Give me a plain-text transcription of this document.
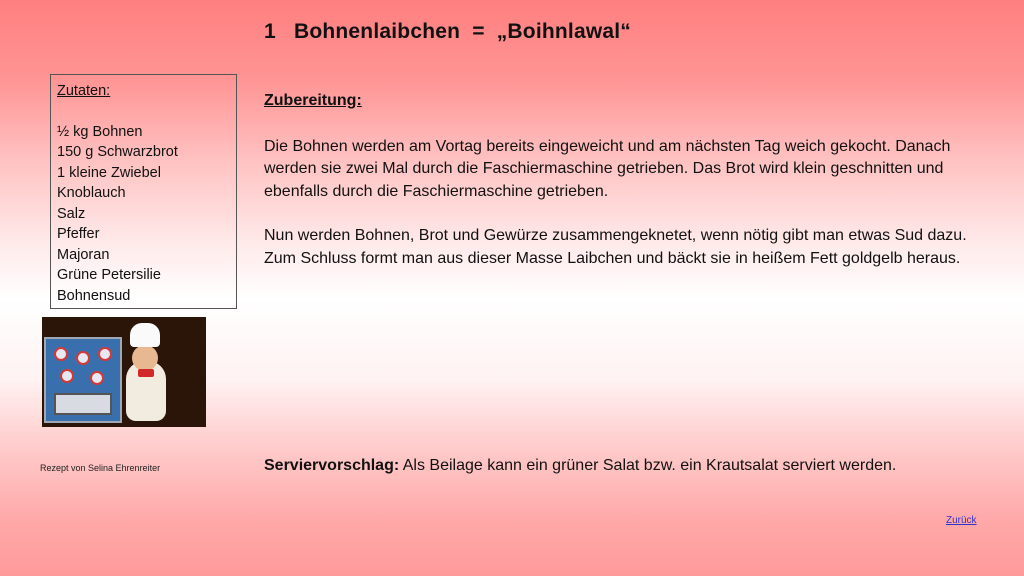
1   Bohnenlaibchen  =  „Boihnlawal“
Zutaten:
½ kg Bohnen
150 g Schwarzbrot
1 kleine Zwiebel
Knoblauch
Salz
Pfeffer
Majoran
Grüne Petersilie
Bohnensud
Rezept von Selina Ehrenreiter
Zubereitung:

Die Bohnen werden am Vortag bereits eingeweicht und am nächsten Tag weich gekocht. Danach werden sie zwei Mal durch die Faschiermaschine getrieben. Das Brot wird klein geschnitten und ebenfalls durch die Faschiermaschine getrieben.

Nun werden Bohnen, Brot und Gewürze zusammengeknetet, wenn nötig gibt man etwas Sud dazu. Zum Schluss formt man aus dieser Masse Laibchen und bäckt sie in heißem Fett goldgelb heraus.

Serviervorschlag: Als Beilage kann ein grüner Salat bzw. ein Krautsalat serviert werden.
Zurück
